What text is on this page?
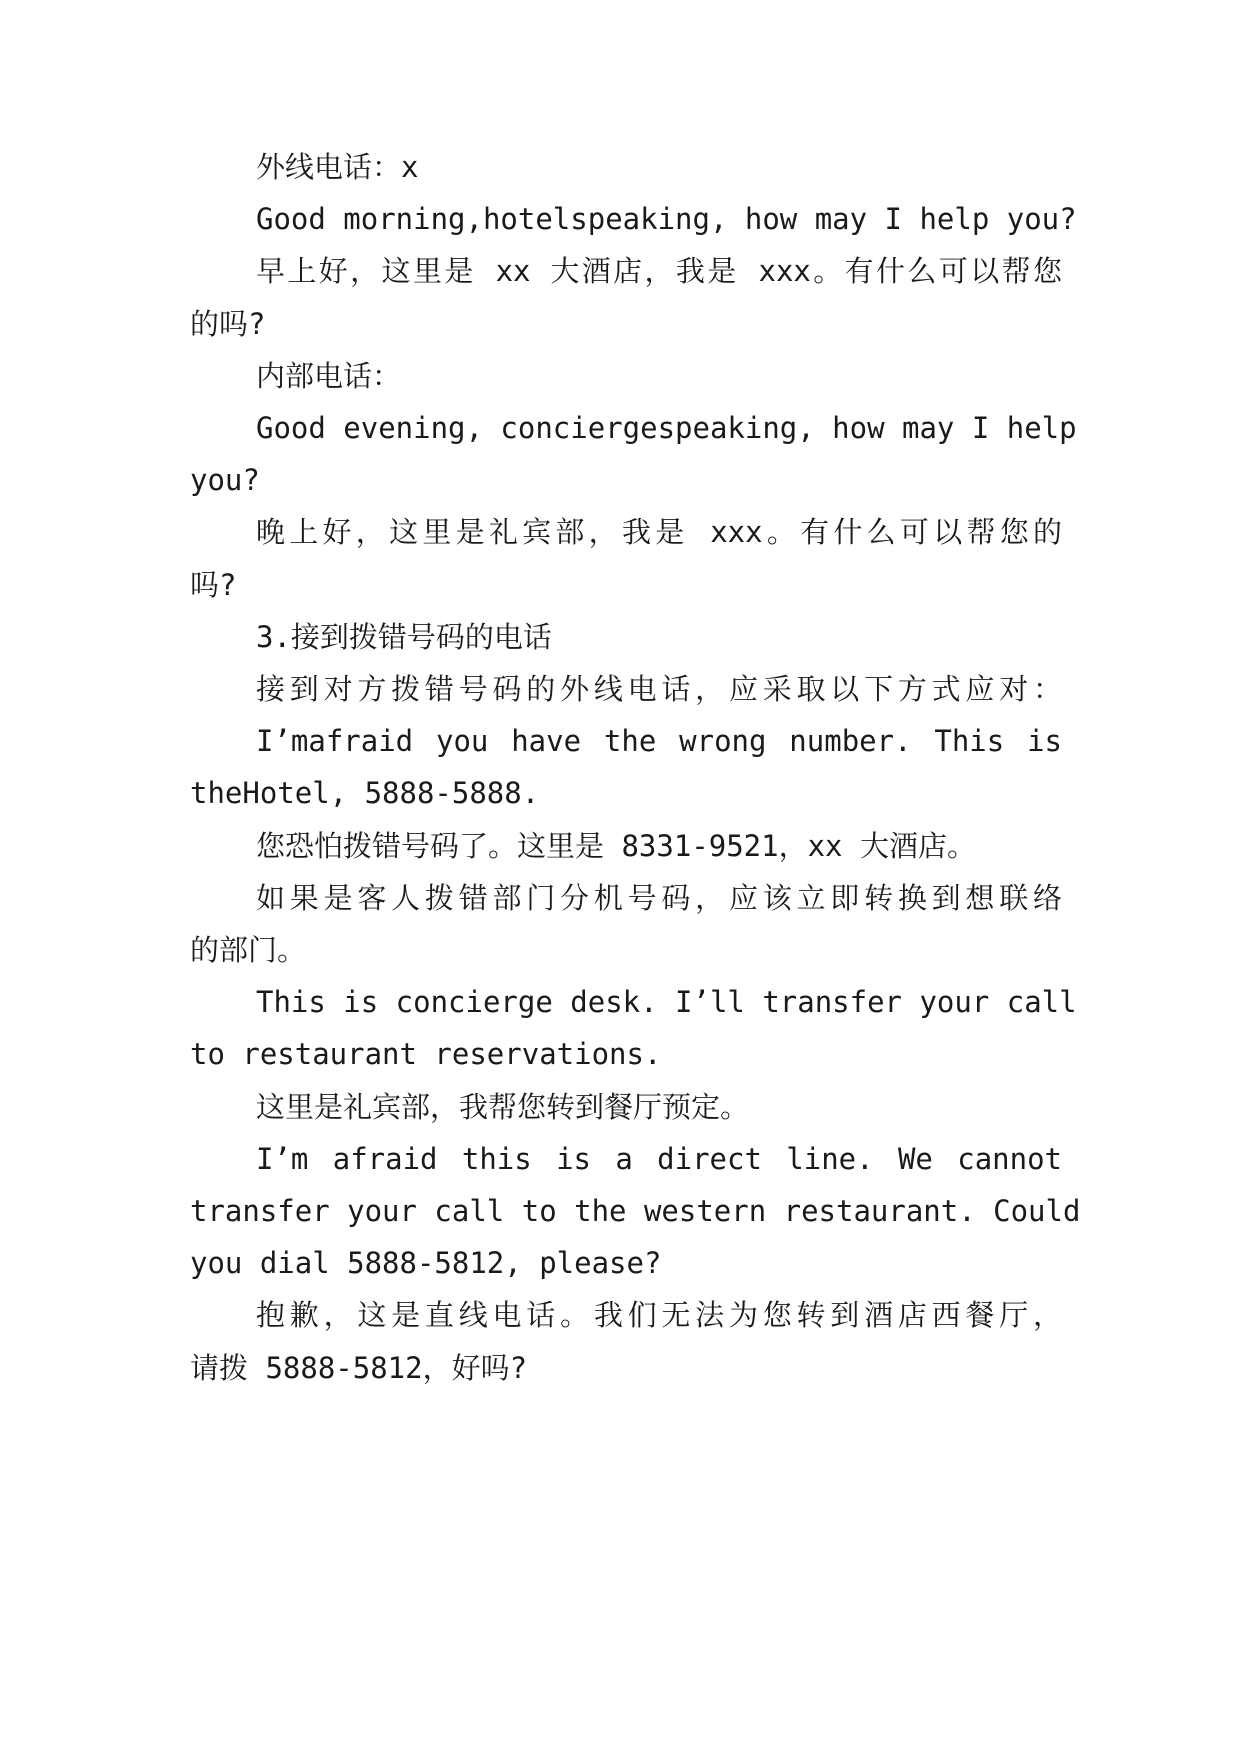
外线电话：x
Good morning,hotelspeaking, how may I help you?
早上好，这里是 xx 大酒店，我是 xxx。有什么可以帮您
的吗?
内部电话：
Good evening, conciergespeaking, how may I help
you?
晚上好，这里是礼宾部，我是 xxx。有什么可以帮您的
吗?
3.接到拨错号码的电话
接到对方拨错号码的外线电话，应采取以下方式应对：
I’mafraid you have the wrong number. This is
theHotel, 5888-5888.
您恐怕拨错号码了。这里是 8331-9521，xx 大酒店。
如果是客人拨错部门分机号码，应该立即转换到想联络
的部门。
This is concierge desk. I’ll transfer your call
to restaurant reservations.
这里是礼宾部，我帮您转到餐厅预定。
I’m afraid this is a direct line. We cannot
transfer your call to the western restaurant. Could
you dial 5888-5812, please?
抱歉，这是直线电话。我们无法为您转到酒店西餐厅，
请拨 5888-5812，好吗?
